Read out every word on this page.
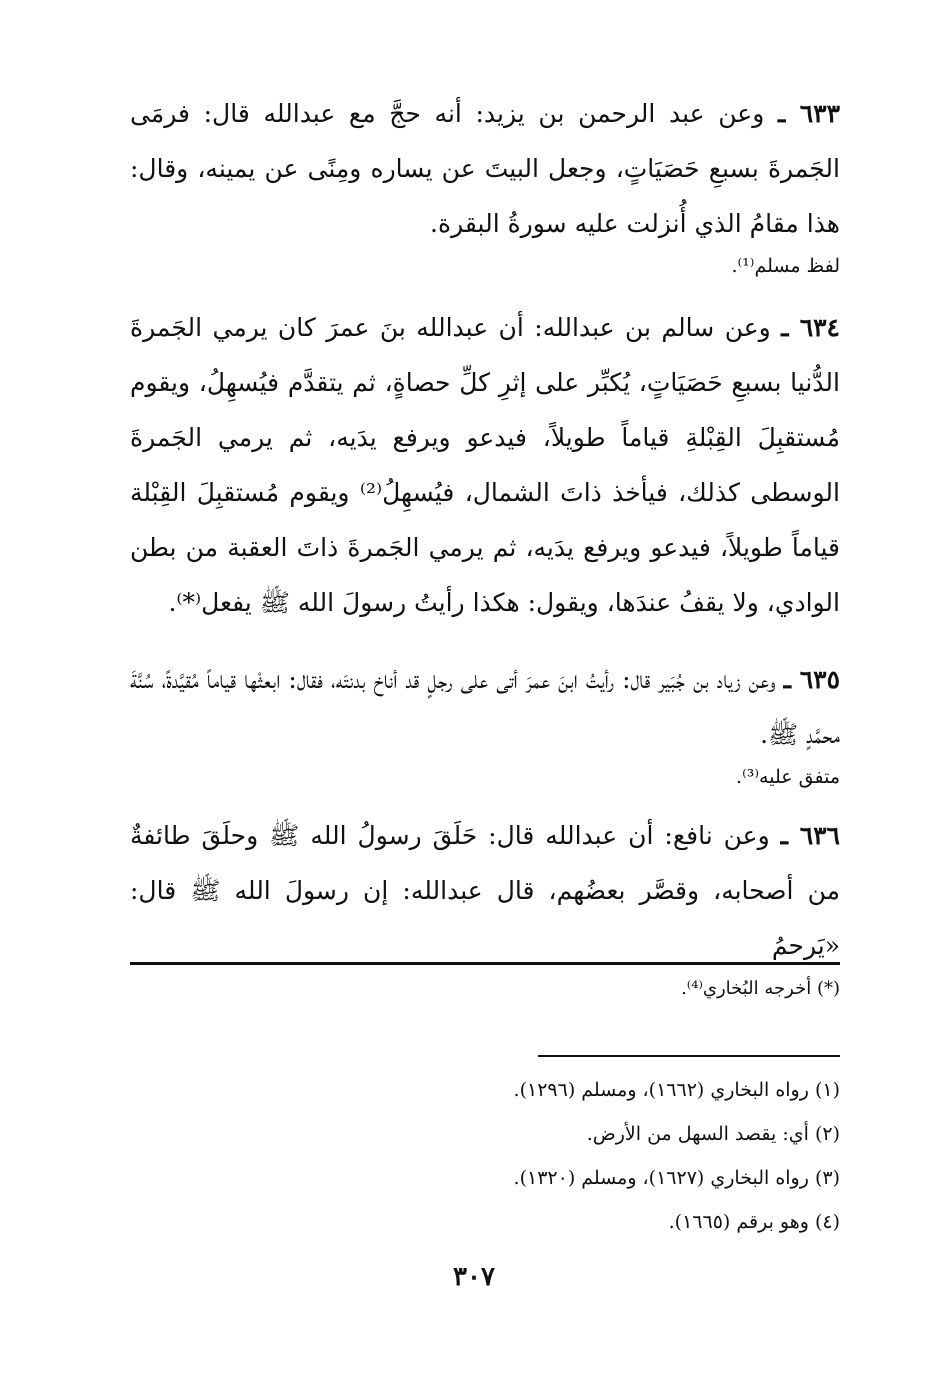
٦٣٣ ـ وعن عبد الرحمن بن يزيد: أنه حجَّ مع عبدالله قال: فرمَى الجَمرةَ بسبعِ حَصَيَاتٍ، وجعل البيتَ عن يساره ومِنًى عن يمينه، وقال: هذا مقامُ الذي أُنزلت عليه سورةُ البقرة.
لفظ مسلم⁽¹⁾.
٦٣٤ ـ وعن سالم بن عبدالله: أن عبدالله بنَ عمرَ كان يرمي الجَمرةَ الدُّنيا بسبعِ حَصَيَاتٍ، يُكبِّر على إثرِ كلِّ حصاةٍ، ثم يتقدَّم فيُسهِلُ، ويقوم مُستقبِلَ القِبْلةِ قياماً طويلاً، فيدعو ويرفع يدَيه، ثم يرمي الجَمرةَ الوسطى كذلك، فيأخذ ذاتَ الشمال، فيُسهِلُ⁽²⁾ ويقوم مُستقبِلَ القِبْلة قياماً طويلاً، فيدعو ويرفع يدَيه، ثم يرمي الجَمرةَ ذاتَ العقبة من بطن الوادي، ولا يقفُ عندَها، ويقول: هكذا رأيتُ رسولَ الله ﷺ يفعل⁽*⁾.
٦٣٥ ـ وعن زياد بن جُبَير قال: رأيتُ ابنَ عمرَ أتى على رجلٍ قد أناخ بدنتَه، فقال: ابعثْها قياماً مُقيَّدةً، سُنَّةَ محمَّدٍ ﷺ.
متفق عليه⁽³⁾.
٦٣٦ ـ وعن نافع: أن عبدالله قال: حَلَقَ رسولُ الله ﷺ وحلَقَ طائفةٌ من أصحابه، وقصَّر بعضُهم، قال عبدالله: إن رسولَ الله ﷺ قال: «يَرحمُ
(*) أخرجه البُخاري⁽⁴⁾.
(١) رواه البخاري (١٦٦٢)، ومسلم (١٢٩٦).
(٢) أي: يقصد السهل من الأرض.
(٣) رواه البخاري (١٦٢٧)، ومسلم (١٣٢٠).
(٤) وهو برقم (١٦٦٥).
٣٠٧
